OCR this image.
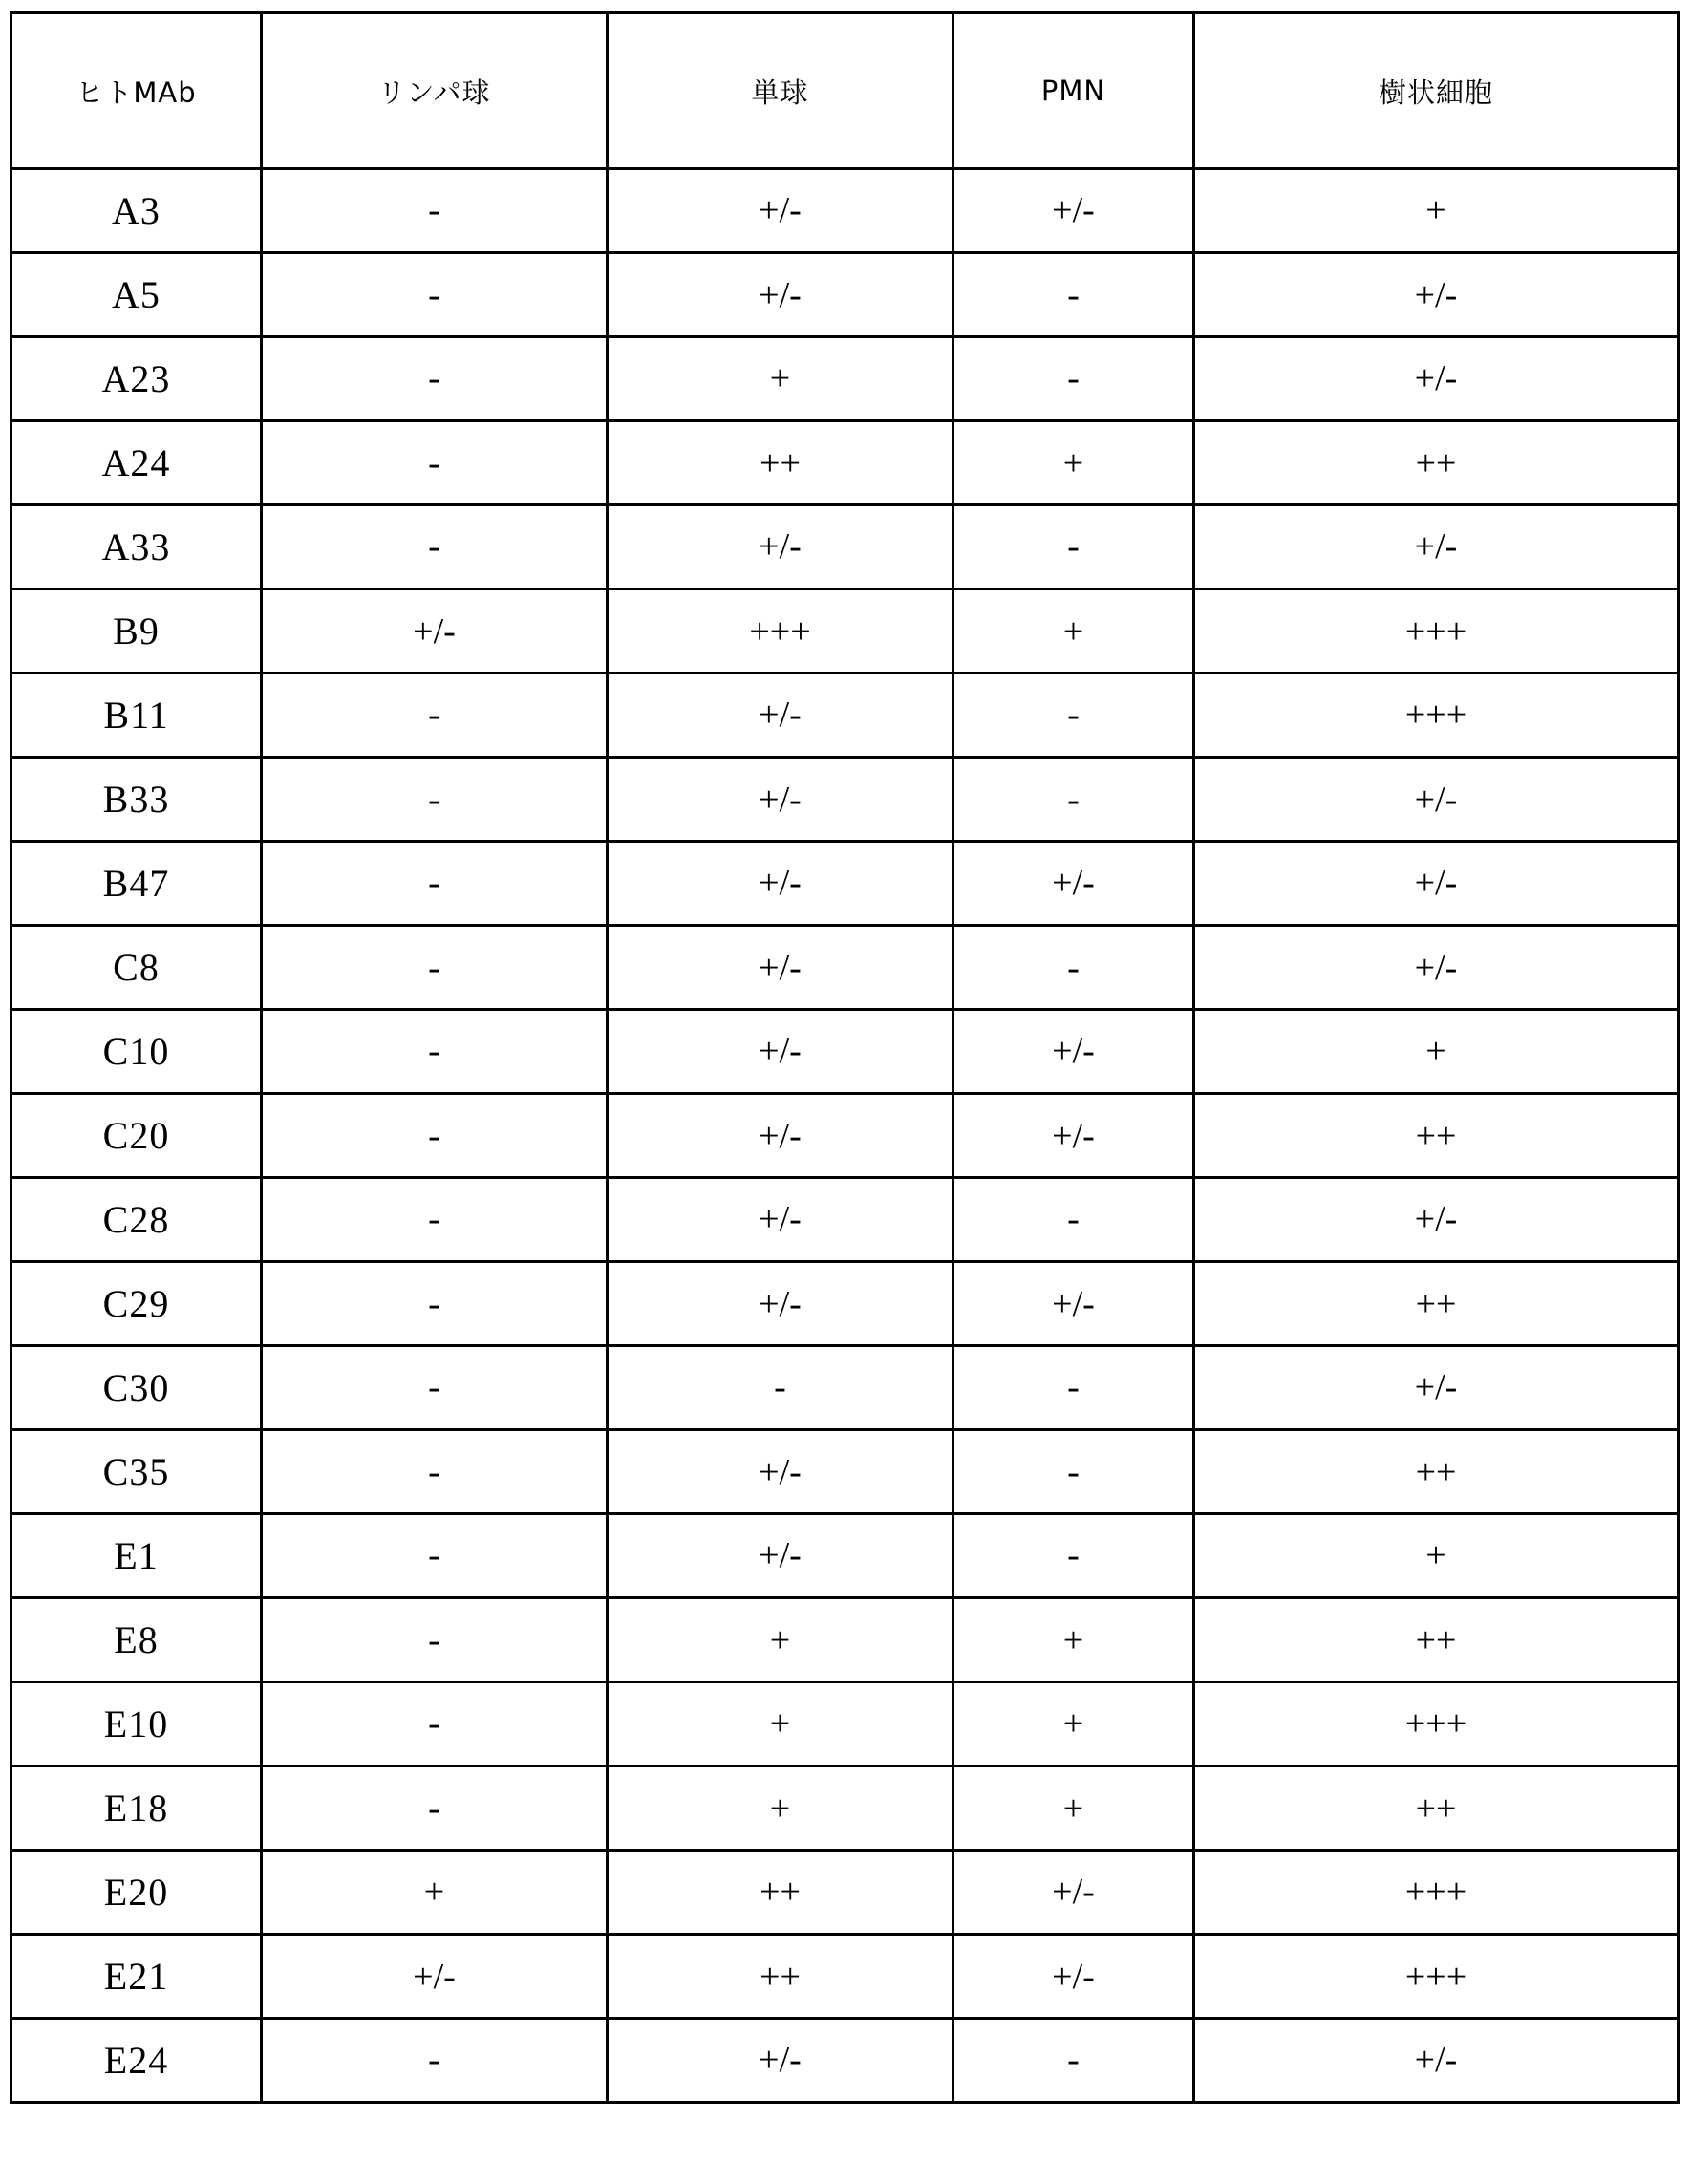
ヒトMAb	リンパ球	単球	PMN	樹状細胞
A3	-	+/-	+/-	+
A5	-	+/-	-	+/-
A23	-	+	-	+/-
A24	-	++	+	++
A33	-	+/-	-	+/-
B9	+/-	+++	+	+++
B11	-	+/-	-	+++
B33	-	+/-	-	+/-
B47	-	+/-	+/-	+/-
C8	-	+/-	-	+/-
C10	-	+/-	+/-	+
C20	-	+/-	+/-	++
C28	-	+/-	-	+/-
C29	-	+/-	+/-	++
C30	-	-	-	+/-
C35	-	+/-	-	++
E1	-	+/-	-	+
E8	-	+	+	++
E10	-	+	+	+++
E18	-	+	+	++
E20	+	++	+/-	+++
E21	+/-	++	+/-	+++
E24	-	+/-	-	+/-
